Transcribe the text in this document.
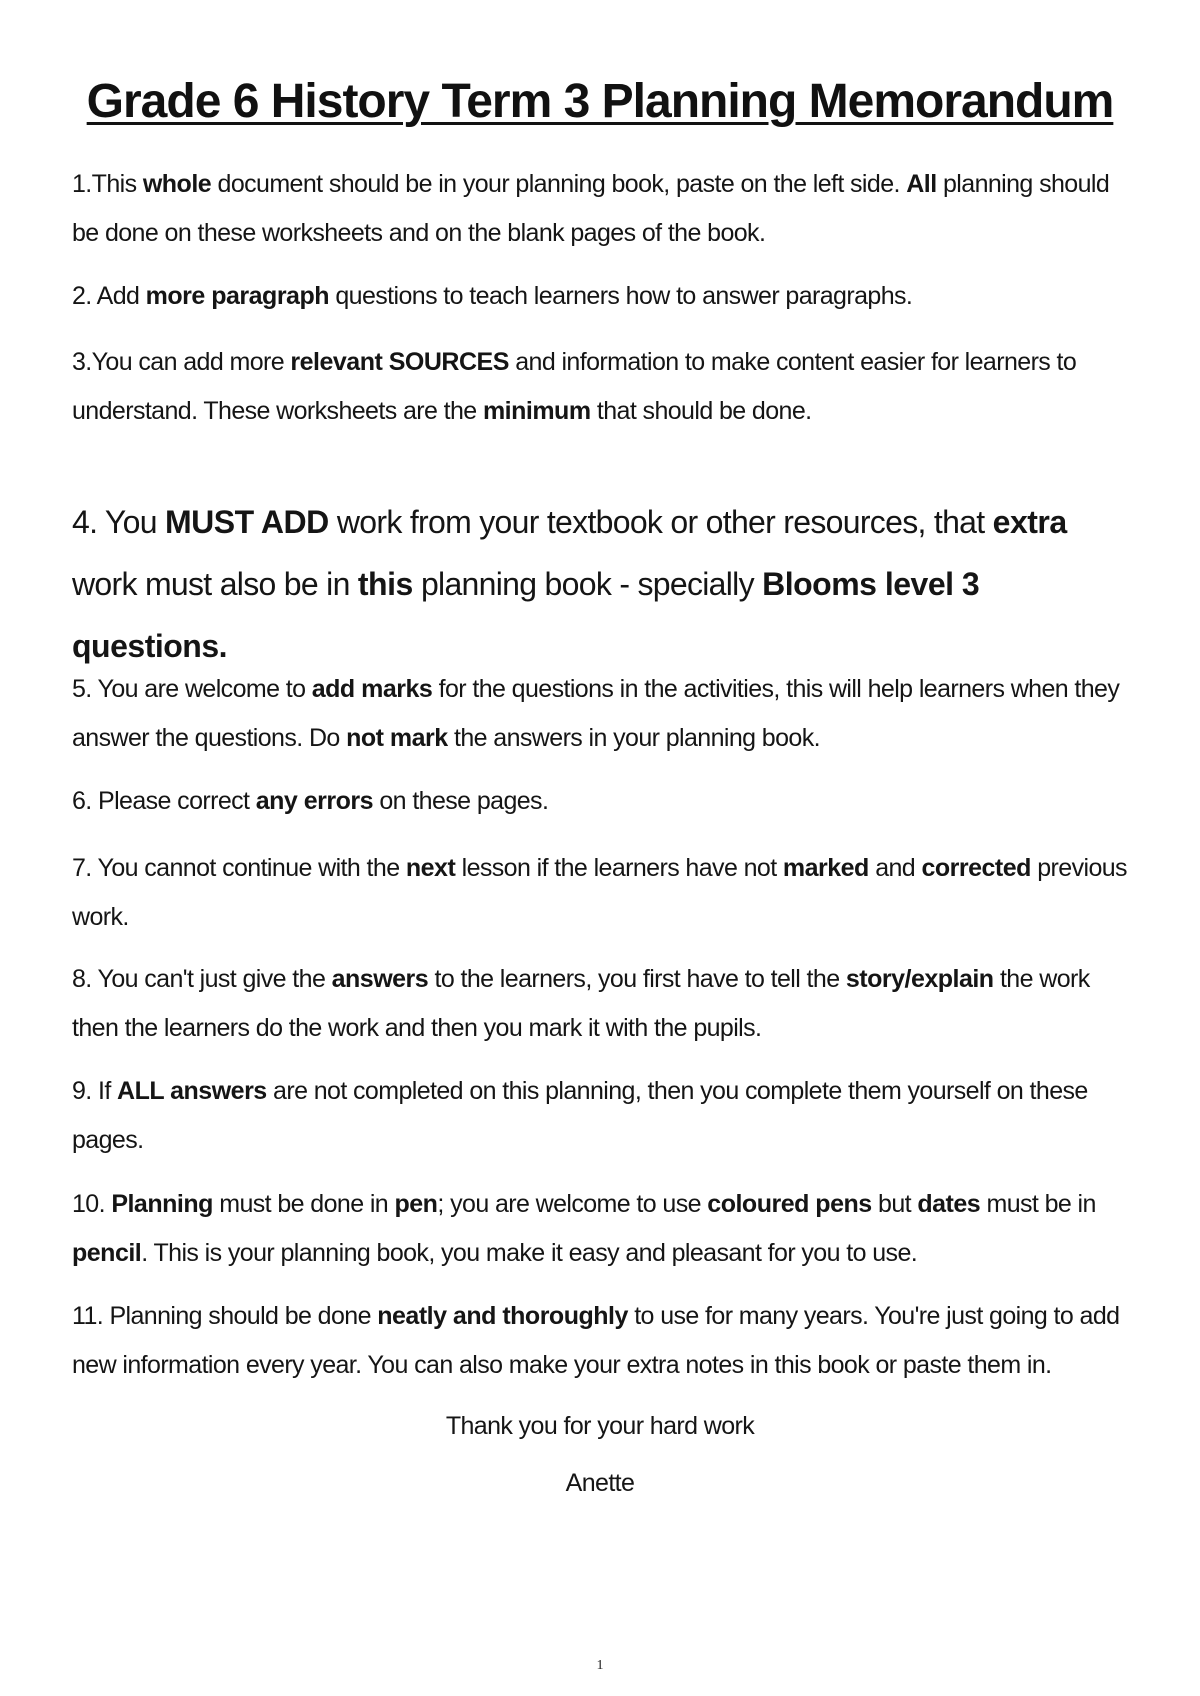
Grade 6 History Term 3 Planning Memorandum
1.This whole document should be in your planning book, paste on the left side. All planning should be done on these worksheets and on the blank pages of the book.
2. Add more paragraph questions to teach learners how to answer paragraphs.
3.You can add more relevant SOURCES and information to make content easier for learners to understand. These worksheets are the minimum that should be done.
4. You MUST ADD work from your textbook or other resources, that extra work must also be in this planning book - specially Blooms level 3 questions.
5. You are welcome to add marks for the questions in the activities, this will help learners when they answer the questions. Do not mark the answers in your planning book.
6. Please correct any errors on these pages.
7. You cannot continue with the next lesson if the learners have not marked and corrected previous work.
8. You can't just give the answers to the learners, you first have to tell the story/explain the work then the learners do the work and then you mark it with the pupils.
9. If ALL answers are not completed on this planning, then you complete them yourself on these pages.
10. Planning must be done in pen; you are welcome to use coloured pens but dates must be in pencil. This is your planning book, you make it easy and pleasant for you to use.
11. Planning should be done neatly and thoroughly to use for many years. You're just going to add new information every year. You can also make your extra notes in this book or paste them in.
Thank you for your hard work
Anette
1
